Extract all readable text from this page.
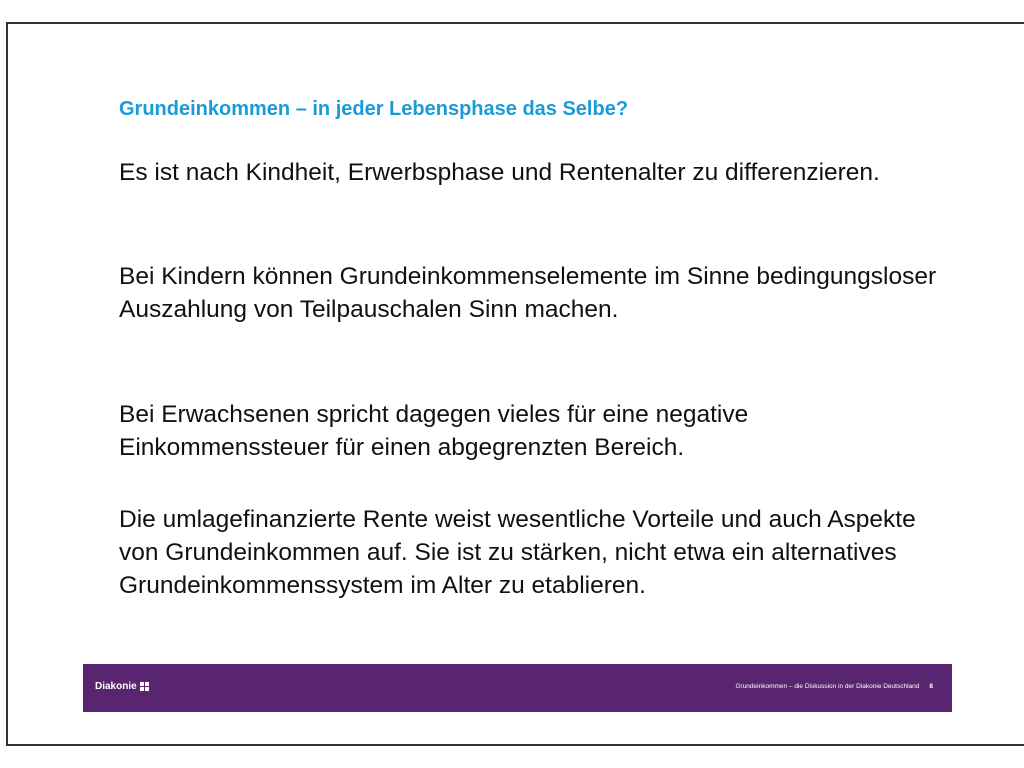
Grundeinkommen – in jeder Lebensphase das Selbe?
Es ist nach Kindheit, Erwerbsphase und Rentenalter zu differenzieren.
Bei Kindern können Grundeinkommenselemente im Sinne bedingungsloser Auszahlung von Teilpauschalen Sinn machen.
Bei Erwachsenen spricht dagegen vieles für eine negative Einkommenssteuer für einen abgegrenzten Bereich.
Die umlagefinanzierte Rente weist wesentliche Vorteile und auch Aspekte von Grundeinkommen auf. Sie ist zu stärken, nicht etwa ein alternatives Grundeinkommenssystem im Alter zu etablieren.
Diakonie	Grundeinkommen – die Diskussion in der Diakonie Deutschland 8
